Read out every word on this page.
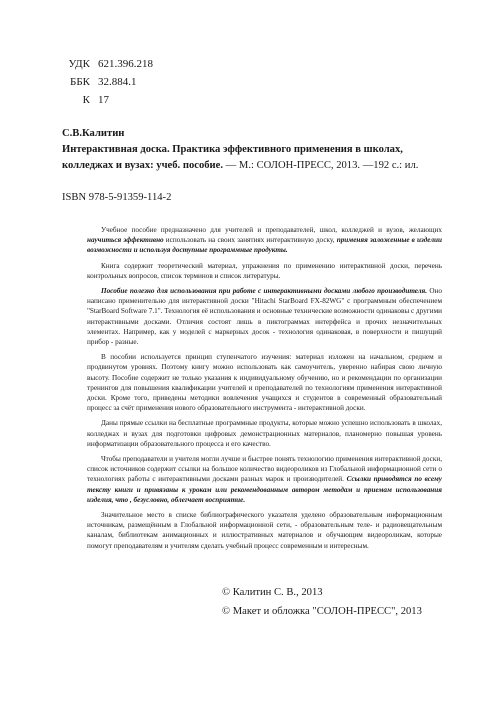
УДК 621.396.218
ББК 32.884.1
К 17
С.В.Калитин
Интерактивная доска. Практика эффективного применения в школах, колледжах и вузах: учеб. пособие. — М.: СОЛОН-ПРЕСС, 2013. —192 с.: ил.
ISBN 978-5-91359-114-2

Учебное пособие предназначено для учителей и преподавателей, школ, колледжей и вузов, желающих научиться эффективно использовать на своих занятиях интерактивную доску, применяя заложенные в изделии возможности и используя доступные программные продукты.

Книга содержит теоретический материал, упражнения по применению интерактивной доски, перечень контрольных вопросов, список терминов и список литературы.

Пособие полезно для использования при работе с интерактивными досками любого производителя. Оно написано применительно для интерактивной доски "Hitachi StarBoard FX-82WG" с программным обеспечением "StarBoard Software 7.1". Технология её использования и основные технические возможности одинаковы с другими интерактивными досками. Отличия состоят лишь в пиктограммах интерфейса и прочих незначительных элементах. Например, как у моделей с маркерных досок - технология одинаковая, в поверхности и пишущий прибор - разные.

В пособии используется принцип ступенчатого изучения: материал изложен на начальном, среднем и продвинутом уровнях. Поэтому книгу можно использовать как самоучитель, уверенно набирая свою личную высоту. Пособие содержит не только указания к индивидуальному обучению, но и рекомендации по организации тренингов для повышения квалификации учителей и преподавателей по технологиям применения интерактивной доски. Кроме того, приведены методики вовлечения учащихся и студентов в современный образовательный процесс за счёт применения нового образовательного инструмента - интерактивной доски.

Даны прямые ссылки на бесплатные программные продукты, которые можно успешно использовать в школах, колледжах и вузах для подготовки цифровых демонстрационных материалов, планомерно повышая уровень информатизации образовательного процесса и его качество.

Чтобы преподаватели и учителя могли лучше и быстрее понять технологию применения интерактивной доски, список источников содержит ссылки на большое количество видеороликов из Глобальной информационной сети о технологиях работы с интерактивными досками разных марок и производителей. Ссылки приводятся по всему тексту книги и привязаны к урокам или рекомендованным автором методам и приемам использования изделия, что , безусловно, облегчает восприятие.

Значительное место в списке библиографического указателя уделено образовательным информационным источникам, размещённым в Глобальной информационной сети, - образовательным теле- и радиовещательным каналам, библиотекам анимационных и иллюстративных материалов и обучающим видеороликам, которые помогут преподавателям и учителям сделать учебный процесс современным и интересным.

© Калитин С. В., 2013
© Макет и обложка "СОЛОН-ПРЕСС", 2013
